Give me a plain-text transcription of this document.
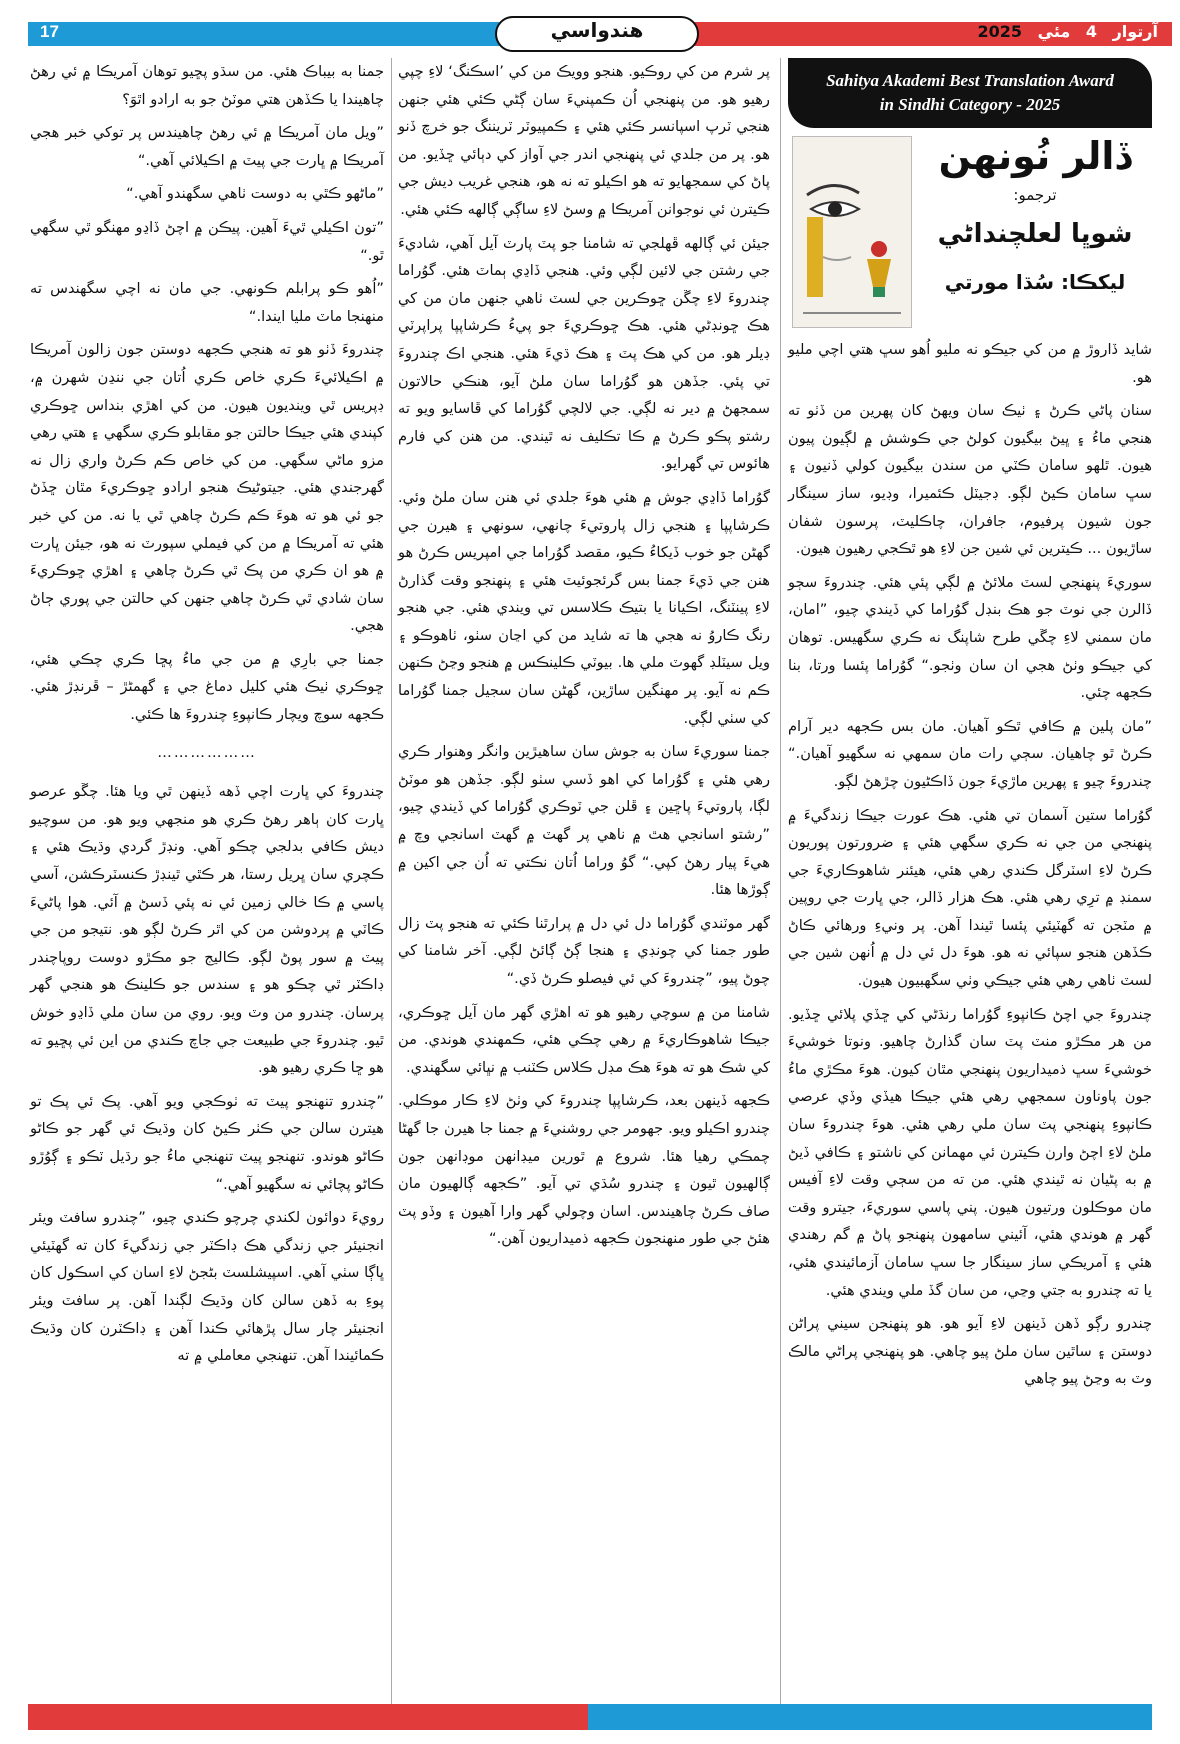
17	هندواسي	آرتوار 4 مئي 2025
Sahitya Akademi Best Translation Award
in Sindhi Category - 2025
ڏالر نُونهن
ترجمو:
شوڀا لعلچنداڻي
ليکڪا: سُڌا مورتي

شايد ڏاروڙ ۾ من کي جيڪو نه مليو اُهو سڀ هتي اچي مليو هو.

سنان پاڻي ڪرڻ ۽ ٺيڪ سان ويهڻ کان پهرين من ڏٺو ته هنجي ماءُ ۽ ڀيڻ بيگيون کولڻ جي ڪوشش ۾ لڳيون پيون هيون. ٿلهو سامان ڪٽي من سندن بيگيون کولي ڏنيون ۽ سڀ سامان ڪيڻ لڳو. ڊجيٽل ڪئميرا، وڊيو، ساز سينگار جون شيون پرفيوم، جافران، چاڪليٽ، پرسون شفان ساڙيون ... ڪيترين ئي شين جن لاءِ هو ٿڪجي رهيون هيون.

سوريءَ پنهنجي لسٽ ملائڻ ۾ لڳي پئي هئي. چندروءَ سڄو ڏالرن جي نوٽ جو هڪ بنڊل گوُراما کي ڏيندي چيو، ”امان، مان سمني لاءِ چڱي طرح شاپنگ نه ڪري سگهيس. توهان کي جيڪو وٺڻ هجي ان سان وٺجو.“ گوُراما پئسا ورتا، بنا ڪجهه چئي.

”مان پلين ۾ ڪافي ٿڪو آهيان. مان بس ڪجهه دير آرام ڪرڻ ٿو چاهيان. سڄي رات مان سمهي نه سگهيو آهيان.“ چندروءَ چيو ۽ پهرين ماڙيءَ جون ڏاڪڻيون چڙهڻ لڳو.

گوُراما ستين آسمان تي هئي. هڪ عورت جيڪا زندگيءَ ۾ پنهنجي من جي نه ڪري سگهي هئي ۽ ضرورتون پوريون ڪرڻ لاءِ اسٽرگل ڪندي رهي هئي، هيئنر شاهوڪاريءَ جي سمنڊ ۾ ترِي رهي هئي. هڪ هزار ڏالر، جي ڀارت جي روپين ۾ مٽجن ته گهٽيئي پئسا ٿيندا آهن. پر ونيءِ ورهائي ڪاڻ ڪڏهن هنجو سپائي نه هو. هوءَ دل ئي دل ۾ اُنهن شين جي لسٽ ٺاهي رهي هئي جيڪي وٺي سگهبيون هيون.

چندروءَ جي اچڻ ڪانپوءِ گوُراما رنڌڻي کي ڇڏي پلائي ڇڏيو. من هر مڪڙو منٽ پٽ سان گذارڻ چاهيو. ونوتا خوشيءَ خوشيءَ سڀ ذميداريون پنهنجي مٿان کيون. هوءَ مڪڙي ماءُ جون پاوناون سمجهي رهي هئي جيڪا هيڏي وڏي عرصي ڪانپوءِ پنهنجي پٽ سان ملي رهي هئي. هوءَ چندروءَ سان ملڻ لاءِ اچڻ وارن ڪيترن ئي مهمانن کي ناشتو ۽ ڪافي ڏيڻ ۾ به پڻيان نه ٿيندي هئي. من ته من سڄي وقت لاءِ آفيس مان موڪلون ورتيون هيون. پني پاسي سوريءَ، جيترو وقت گهر ۾ هوندي هئي، آئيني سامهون پنهنجو پاڻ ۾ گم رهندي هئي ۽ آمريڪي ساز سينگار جا سڀ سامان آزمائيندي هئي، يا ته چندرو به جتي وڃي، من سان گڏ ملي ويندي هئي.

چندرو رڳو ڏهن ڏينهن لاءِ آيو هو. هو پنهنجن سيني پراڻن دوستن ۽ ساٿين سان ملڻ پيو چاهي. هو پنهنجي پراڻي مالڪ وٽ به وڃڻ پيو چاهي

پر شرم من کي روڪيو. هنجو وويڪ من کي ’اسڪنگ‘ لاءِ چپي رهيو هو. من پنهنجي اُن ڪمپنيءَ سان ڳڻي ڪئي هئي جنهن هنجي ٽرپ اسپانسر ڪئي هئي ۽ ڪمپيوٽر ٽريننگ جو خرچ ڏنو هو. پر من جلدي ئي پنهنجي اندر جي آواز کي دٻائي ڇڏيو. من پاڻ کي سمجهايو ته هو اڪيلو ته نه هو، هنجي غريب ديش جي ڪيترن ئي نوجوانن آمريڪا ۾ وسڻ لاءِ ساڳي ڳالهه ڪئي هئي.

جيئن ئي ڳالهه ڦهلجي ته شامنا جو پٽ پارٽ آيل آهي، شاديءَ جي رشتن جي لائين لڳي وئي. هنجي ڏاڍي ٻماٽ هئي. گوُراما چندروءَ لاءِ چڱن ڇوڪرين جي لسٽ ٺاهي جنهن مان من کي هڪ ڇونڊڻي هئي. هڪ ڇوڪريءَ جو پيءُ ڪرشاپپا پراپرٽي ڊيلر هو. من کي هڪ پٽ ۽ هڪ ڌيءَ هئي. هنجي اڪ چندروءَ تي پئي. جڏهن هو گوُراما سان ملڻ آيو، هنڪي حالاتون سمجهڻ ۾ دير نه لڳي. جي لالچي گوُراما کي ڦاسايو ويو ته رشتو پڪو ڪرڻ ۾ ڪا تڪليف نه ٿيندي. من هنن کي فارم هائوس تي گهرايو.

گوُراما ڏاڍي جوش ۾ هئي هوءَ جلدي ئي هنن سان ملڻ وئي. ڪرشاپپا ۽ هنجي زال پاروتيءَ چانهي، سونهي ۽ هيرن جي گهڻن جو خوب ڏيکاءُ ڪيو، مقصد گوُراما جي امپريس ڪرڻ هو هنن جي ڌيءَ جمنا بس گرئجوئيٽ هئي ۽ پنهنجو وقت گذارڻ لاءِ پينٽنگ، اڪيانا يا بتيڪ ڪلاسس تي ويندي هئي. جي هنجو رنگ ڪاروُ نه هجي ها ته شايد من کي اڃان سٺو، ٺاهوڪو ۽ ويل سيٽلڊ گهوٽ ملي ها. بيوٽي ڪلينڪس ۾ هنجو وڃڻ ڪنهن ڪم نه آيو. پر مهنگين ساڙين، گهڻن سان سجيل جمنا گوُراما کي سٺي لڳي.

جمنا سوريءَ سان به جوش سان ساهيڙين وانگر وهنوار ڪري رهي هئي ۽ گوُراما کي اهو ڏسي سٺو لڳو. جڏهن هو موٽڻ لڳا، پاروتيءَ پاڇين ۽ ڦلن جي ٽوڪري گوُراما کي ڏيندي چيو، ”رشتو اسانجي هٿ ۾ ناهي پر گهٽ ۾ گهٽ اسانجي وچ ۾ هيءَ پيار رهڻ کپي.“ گوُ وراما اُتان نڪتي ته اُن جي اکين ۾ ڳوڙها هئا.

گهر موٽندي گوُراما دل ئي دل ۾ پرارٿنا ڪئي ته هنجو پٽ زال طور جمنا کي چونڊي ۽ هنجا ڳڻ ڳائڻ لڳي. آخر شامنا کي چوڻ پيو، ”چندروءَ کي ئي فيصلو ڪرڻ ڏي.“

شامنا من ۾ سوچي رهيو هو ته اهڙي گهر مان آيل ڇوڪري، جيڪا شاهوڪاريءَ ۾ رهي چڪي هئي، ڪمھندي هوندي. من کي شڪ هو ته هوءَ هڪ مڊل ڪلاس ڪٽنب ۾ نڀائي سگهندي.

ڪجهه ڏينهن بعد، ڪرشاپپا چندروءَ کي وٺڻ لاءِ ڪار موڪلي. چندرو اڪيلو ويو. جهومر جي روشنيءَ ۾ جمنا جا هيرن جا گهڻا چمڪي رهيا هئا. شروع ۾ ٿورين ميڊانهن موڊانهن جون ڳالهيون ٿيون ۽ چندرو سُڌي تي آيو. ”ڪجهه ڳالهيون مان صاف ڪرڻ چاهيندس. اسان وچولي گهر وارا آهيون ۽ وڏو پٽ هئڻ جي طور منهنجون ڪجهه ذميداريون آهن.“

جمنا به بيباڪ هئي. من سڌو پڇيو توهان آمريڪا ۾ ئي رهڻ چاهيندا يا ڪڏهن هتي موٽڻ جو به ارادو اٿوَ؟

”ويل مان آمريڪا ۾ ئي رهڻ چاهيندس پر توکي خبر هجي آمريڪا ۾ ڀارت جي پيٽ ۾ اڪيلائي آهي.“

”ماڻهو ڪٿي به دوست ٺاهي سگهندو آهي.“

”تون اڪيلي ٿيءَ آهين. پيڪن ۾ اچڻ ڏاڍو مهنگو ٿي سگهي ٿو.“

”اُهو ڪو پرابلم ڪونهي. جي مان نه اچي سگهندس ته منهنجا ماٽ مليا ايندا.“

چندروءَ ڏٺو هو ته هنجي ڪجهه دوستن جون زالون آمريڪا ۾ اڪيلائيءَ ڪري خاص ڪري اُتان جي ننڍن شهرن ۾، ڊپريس ٿي وينديون هيون. من کي اهڙي بنداس ڇوڪري کپندي هئي جيڪا حالتن جو مقابلو ڪري سگهي ۽ هتي رهي مزو ماڻي سگهي. من کي خاص ڪم ڪرڻ واري زال نه گهرجندي هئي. جيتوڻيڪ هنجو ارادو ڇوڪريءَ مٿان ڇڏڻ جو ئي هو ته هوءَ ڪم ڪرڻ چاهي ٿي يا نه. من کي خبر هئي ته آمريڪا ۾ من کي فيملي سپورٽ نه هو، جيئن ڀارت ۾ هو ان ڪري من پڪ ٿي ڪرڻ چاهي ۽ اهڙي ڇوڪريءَ سان شادي ٿي ڪرڻ چاهي جنهن کي حالتن جي پوري ڄاڻ هجي.

جمنا جي بارِي ۾ من جي ماءُ پڇا ڪري چڪي هئي، ڇوڪري ٺيڪ هئي کليل دماغ جي ۽ گهمڻڙ – ڦرنڊڙ هئي. ڪجهه سوچ ويچار ڪانپوءِ چندروءَ ها ڪئي.

………………

چندروءَ کي ڀارت اچي ڏهه ڏينهن ٿي ويا هئا. چڱو عرصو ڀارت کان ٻاهر رهڻ ڪري هو منجهي ويو هو. من سوچيو ديش ڪافي بدلجي چڪو آهي. ونڊڙ گردي وڌيڪ هئي ۽ ڪچري سان ڀريل رستا، هر ڪٿي ٿينڊڙ ڪنسٽرڪشن، آسي پاسي ۾ ڪا خالي زمين ئي نه پئي ڏسڻ ۾ آئي. هوا پاڻيءَ ڪاٽي ۾ پردوشن من کي اٿر ڪرڻ لڳو هو. نتيجو من جي پيٽ ۾ سور پوڻ لڳو. ڪاليج جو مڪڙو دوست روپاچندر ڊاڪٽر ٿي چڪو هو ۽ سندس جو ڪلينڪ هو هنجي گهر پرسان. چندرو من وٽ ويو. روي من سان ملي ڏاڍو خوش ٿيو. چندروءَ جي طبيعت جي جاچ ڪندي من اين ئي پڇيو ته هو ڇا ڪري رهيو هو.

”چندرو تنهنجو پيٽ ته ٺوڪجي ويو آهي. پڪ ئي پڪ تو هيترن سالن جي ڪٺر ڪيڻ کان وڌيڪ ئي گهر جو ڪاڻو ڪاڻو هوندو. تنهنجو پيٽ تنهنجي ماءُ جو رڌيل ٽڪو ۽ ڳوُڙو ڪاڻو پچائي نه سگهيو آهي.“

رويءَ دوائون لکندي چرچو ڪندي چيو، ”چندرو سافٽ ويئر انجنيئر جي زندگي هڪ ڊاڪٽر جي زندگيءَ کان ته گهٽيئي ڀاڳا سٺي آهي. اسپيشلسٽ بڻجڻ لاءِ اسان کي اسڪول کان پوءِ به ڏهن سالن کان وڌيڪ لڳندا آهن. پر سافٽ ويئر انجنيئر چار سال پڙهائي ڪندا آهن ۽ ڊاڪٽرن کان وڌيڪ ڪمائيندا آهن. تنهنجي معاملي ۾ ته
